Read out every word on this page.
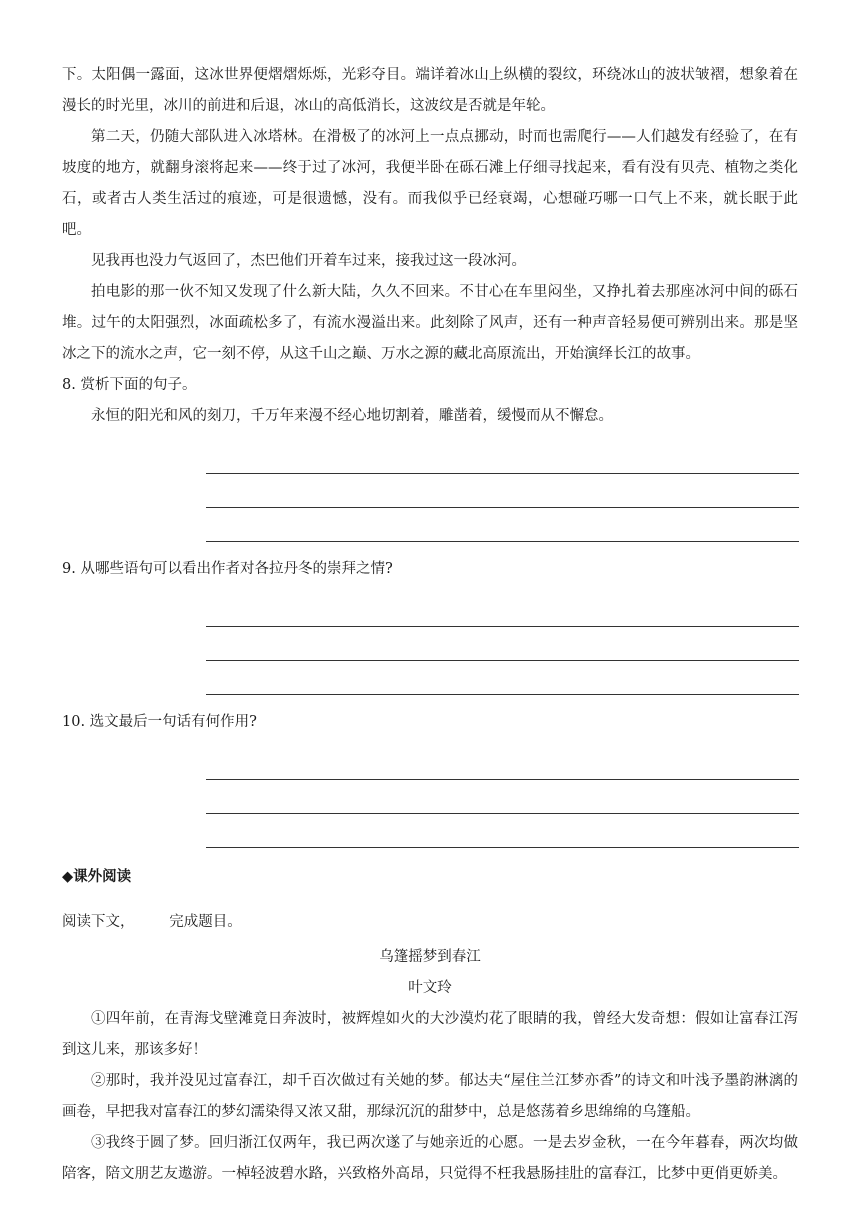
下。太阳偶一露面，这冰世界便熠熠烁烁，光彩夺目。端详着冰山上纵横的裂纹，环绕冰山的波状皱褶，想象着在漫长的时光里，冰川的前进和后退，冰山的高低消长，这波纹是否就是年轮。

第二天，仍随大部队进入冰塔林。在滑极了的冰河上一点点挪动，时而也需爬行——人们越发有经验了，在有坡度的地方，就翻身滚将起来——终于过了冰河，我便半卧在砾石滩上仔细寻找起来，看有没有贝壳、植物之类化石，或者古人类生活过的痕迹，可是很遗憾，没有。而我似乎已经衰竭，心想碰巧哪一口气上不来，就长眠于此吧。

见我再也没力气返回了，杰巴他们开着车过来，接我过这一段冰河。

拍电影的那一伙不知又发现了什么新大陆，久久不回来。不甘心在车里闷坐，又挣扎着去那座冰河中间的砾石堆。过午的太阳强烈，冰面疏松多了，有流水漫溢出来。此刻除了风声，还有一种声音轻易便可辨别出来。那是坚冰之下的流水之声，它一刻不停，从这千山之巅、万水之源的藏北高原流出，开始演绎长江的故事。

8. 赏析下面的句子。

永恒的阳光和风的刻刀，千万年来漫不经心地切割着，雕凿着，缓慢而从不懈怠。

9. 从哪些语句可以看出作者对各拉丹冬的崇拜之情?

10. 选文最后一句话有何作用?

◆课外阅读

阅读下文， 完成题目。

乌篷摇梦到春江

叶文玲

①四年前，在青海戈壁滩竟日奔波时，被辉煌如火的大沙漠灼花了眼睛的我，曾经大发奇想：假如让富春江泻到这儿来，那该多好！

②那时，我并没见过富春江，却千百次做过有关她的梦。郁达夫“屋住兰江梦亦香”的诗文和叶浅予墨韵淋漓的画卷，早把我对富春江的梦幻濡染得又浓又甜，那绿沉沉的甜梦中，总是悠荡着乡思绵绵的乌篷船。

③我终于圆了梦。回归浙江仅两年，我已两次遂了与她亲近的心愿。一是去岁金秋，一在今年暮春，两次均做陪客，陪文朋艺友遨游。一棹轻波碧水路，兴致格外高昂，只觉得不枉我悬肠挂肚的富春江，比梦中更俏更娇美。
